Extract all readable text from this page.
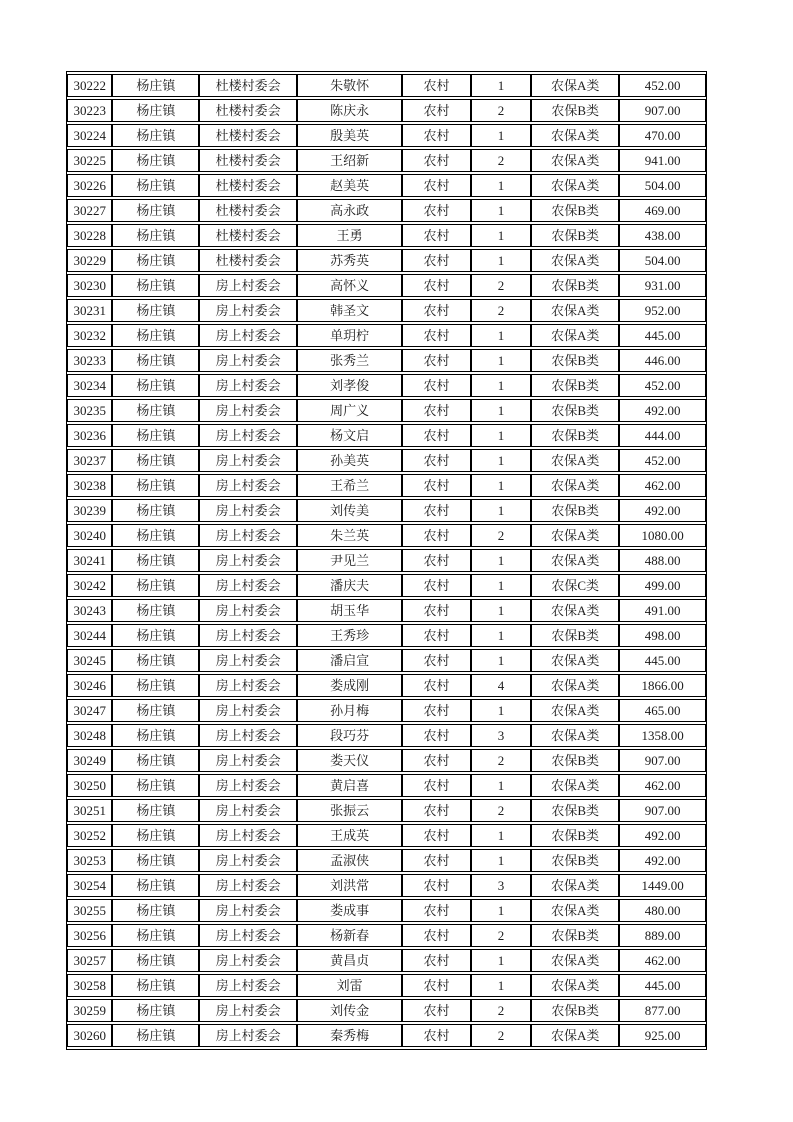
30222	杨庄镇	杜楼村委会	朱敬怀	农村	1	农保A类	452.00
30223	杨庄镇	杜楼村委会	陈庆永	农村	2	农保B类	907.00
30224	杨庄镇	杜楼村委会	殷美英	农村	1	农保A类	470.00
30225	杨庄镇	杜楼村委会	王绍新	农村	2	农保A类	941.00
30226	杨庄镇	杜楼村委会	赵美英	农村	1	农保A类	504.00
30227	杨庄镇	杜楼村委会	高永政	农村	1	农保B类	469.00
30228	杨庄镇	杜楼村委会	王勇	农村	1	农保B类	438.00
30229	杨庄镇	杜楼村委会	苏秀英	农村	1	农保A类	504.00
30230	杨庄镇	房上村委会	高怀义	农村	2	农保B类	931.00
30231	杨庄镇	房上村委会	韩圣文	农村	2	农保A类	952.00
30232	杨庄镇	房上村委会	单玥柠	农村	1	农保A类	445.00
30233	杨庄镇	房上村委会	张秀兰	农村	1	农保B类	446.00
30234	杨庄镇	房上村委会	刘孝俊	农村	1	农保B类	452.00
30235	杨庄镇	房上村委会	周广义	农村	1	农保B类	492.00
30236	杨庄镇	房上村委会	杨文启	农村	1	农保B类	444.00
30237	杨庄镇	房上村委会	孙美英	农村	1	农保A类	452.00
30238	杨庄镇	房上村委会	王希兰	农村	1	农保A类	462.00
30239	杨庄镇	房上村委会	刘传美	农村	1	农保B类	492.00
30240	杨庄镇	房上村委会	朱兰英	农村	2	农保A类	1080.00
30241	杨庄镇	房上村委会	尹见兰	农村	1	农保A类	488.00
30242	杨庄镇	房上村委会	潘庆夫	农村	1	农保C类	499.00
30243	杨庄镇	房上村委会	胡玉华	农村	1	农保A类	491.00
30244	杨庄镇	房上村委会	王秀珍	农村	1	农保B类	498.00
30245	杨庄镇	房上村委会	潘启宣	农村	1	农保A类	445.00
30246	杨庄镇	房上村委会	娄成刚	农村	4	农保A类	1866.00
30247	杨庄镇	房上村委会	孙月梅	农村	1	农保A类	465.00
30248	杨庄镇	房上村委会	段巧芬	农村	3	农保A类	1358.00
30249	杨庄镇	房上村委会	娄天仪	农村	2	农保B类	907.00
30250	杨庄镇	房上村委会	黄启喜	农村	1	农保A类	462.00
30251	杨庄镇	房上村委会	张振云	农村	2	农保B类	907.00
30252	杨庄镇	房上村委会	王成英	农村	1	农保B类	492.00
30253	杨庄镇	房上村委会	孟淑侠	农村	1	农保B类	492.00
30254	杨庄镇	房上村委会	刘洪常	农村	3	农保A类	1449.00
30255	杨庄镇	房上村委会	娄成事	农村	1	农保A类	480.00
30256	杨庄镇	房上村委会	杨新春	农村	2	农保B类	889.00
30257	杨庄镇	房上村委会	黄昌贞	农村	1	农保A类	462.00
30258	杨庄镇	房上村委会	刘雷	农村	1	农保A类	445.00
30259	杨庄镇	房上村委会	刘传金	农村	2	农保B类	877.00
30260	杨庄镇	房上村委会	秦秀梅	农村	2	农保A类	925.00
